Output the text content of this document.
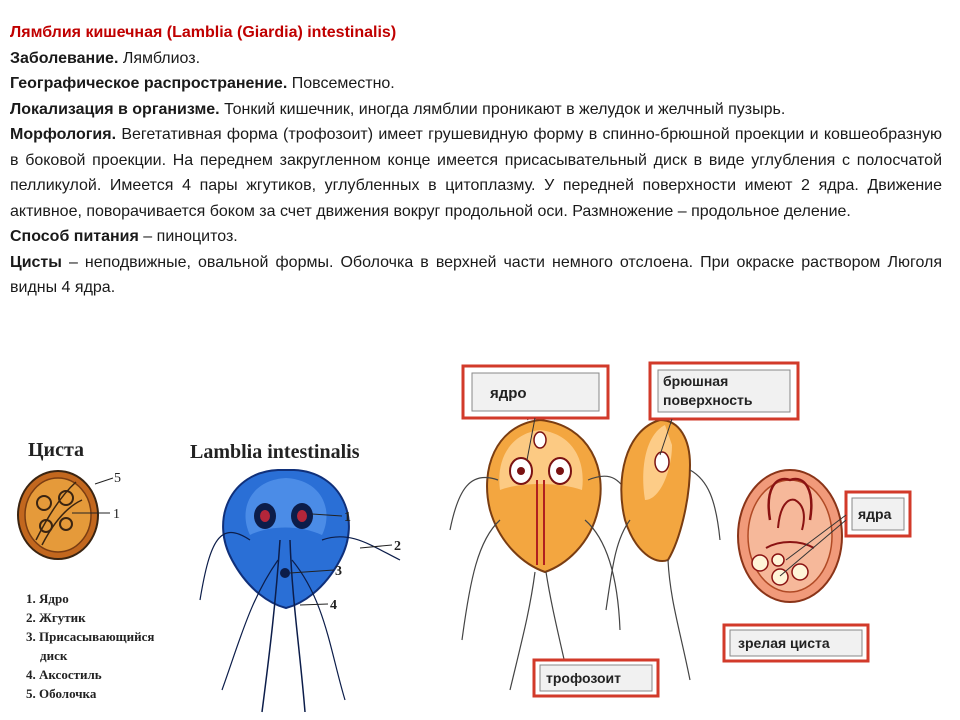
Лямблия кишечная (Lamblia (Giardia) intestinalis)

Заболевание. Лямблиоз.

Географическое распространение. Повсеместно.

Локализация в организме. Тонкий кишечник, иногда лямблии проникают в желудок и желчный пузырь.

Морфология. Вегетативная форма (трофозоит) имеет грушевидную форму в спинно-брюшной проекции и ковшеобразную в боковой проекции. На переднем закругленном конце имеется присасывательный диск в виде углубления с полосчатой пелликулой. Имеется 4 пары жгутиков, углубленных в цитоплазму. У передней поверхности имеют 2 ядра. Движение активное, поворачивается боком за счет движения вокруг продольной оси. Размножение – продольное деление.

Способ питания – пиноцитоз.

Цисты – неподвижные, овальной формы. Оболочка в верхней части немного отслоена. При окраске раствором Люголя видны 4 ядра.

Циста	Lamblia intestinalis
5
1
1. Ядро
2. Жгутик
3. Присасывающийся
диск
4. Аксостиль
5. Оболочка
1
2
3
4
ядро
брюшная
поверхность
ядра
зрелая циста
трофозоит
